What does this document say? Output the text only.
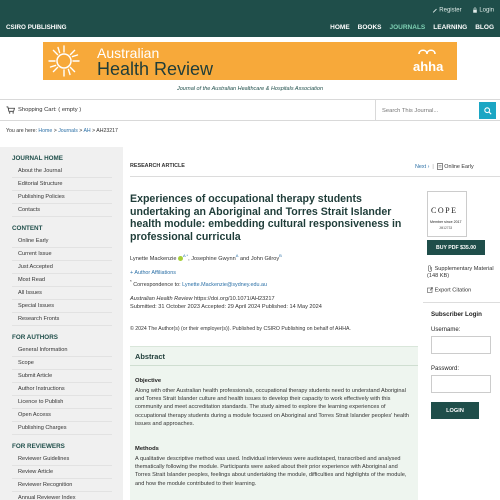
Register	Login
CSIRO PUBLISHING	HOME BOOKS JOURNALS LEARNING BLOG
Australian
Health Review	ahha
Journal of the Australian Healthcare & Hospitals Association
Shopping Cart: ( empty )
Search This Journal...
You are here: Home > Journals > AH > AH23217
JOURNAL HOME
About the Journal
Editorial Structure
Publishing Policies
Contacts
CONTENT
Online Early
Current Issue
Just Accepted
Most Read
All Issues
Special Issues
Research Fronts
FOR AUTHORS
General Information
Scope
Submit Article
Author Instructions
Licence to Publish
Open Access
Publishing Charges
FOR REVIEWERS
Reviewer Guidelines
Review Article
Reviewer Recognition
Annual Reviewer Index
RESEARCH ARTICLE	Next ›  |   Online Early
Experiences of occupational therapy students undertaking an Aboriginal and Torres Strait Islander health module: embedding cultural responsiveness in professional curricula
Lynette Mackenzie $^{A *}$, Josephine Gwynn$^A$ and John Gilroy$^B$
+ Author Affiliations
* Correspondence to: Lynette.Mackenzie@sydney.edu.au
Australian Health Review https://doi.org/10.1071/AH23217
Submitted: 31 October 2023 Accepted: 29 April 2024 Published: 14 May 2024
© 2024 The Author(s) (or their employer(s)). Published by CSIRO Publishing on behalf of AHHA.
Abstract
Objective
Along with other Australian health professionals, occupational therapy students need to understand Aboriginal and Torres Strait Islander culture and health issues to develop their capacity to work effectively with this community and meet accreditation standards. The study aimed to explore the learning experiences of occupational therapy students during a module focused on Aboriginal and Torres Strait Islander peoples' health issues and approaches.
Methods
A qualitative descriptive method was used. Individual interviews were audiotaped, transcribed and analysed thematically following the module. Participants were asked about their prior experience with Aboriginal and Torres Strait Islander peoples, feelings about undertaking the module, difficulties and highlights of the module, and how the module contributed to their learning.
COPE
Member since 2017
JM12733
BUY PDF $35.00
Supplementary Material
(148 KB)
Export Citation
Subscriber Login
Username:
Password:
LOGIN
